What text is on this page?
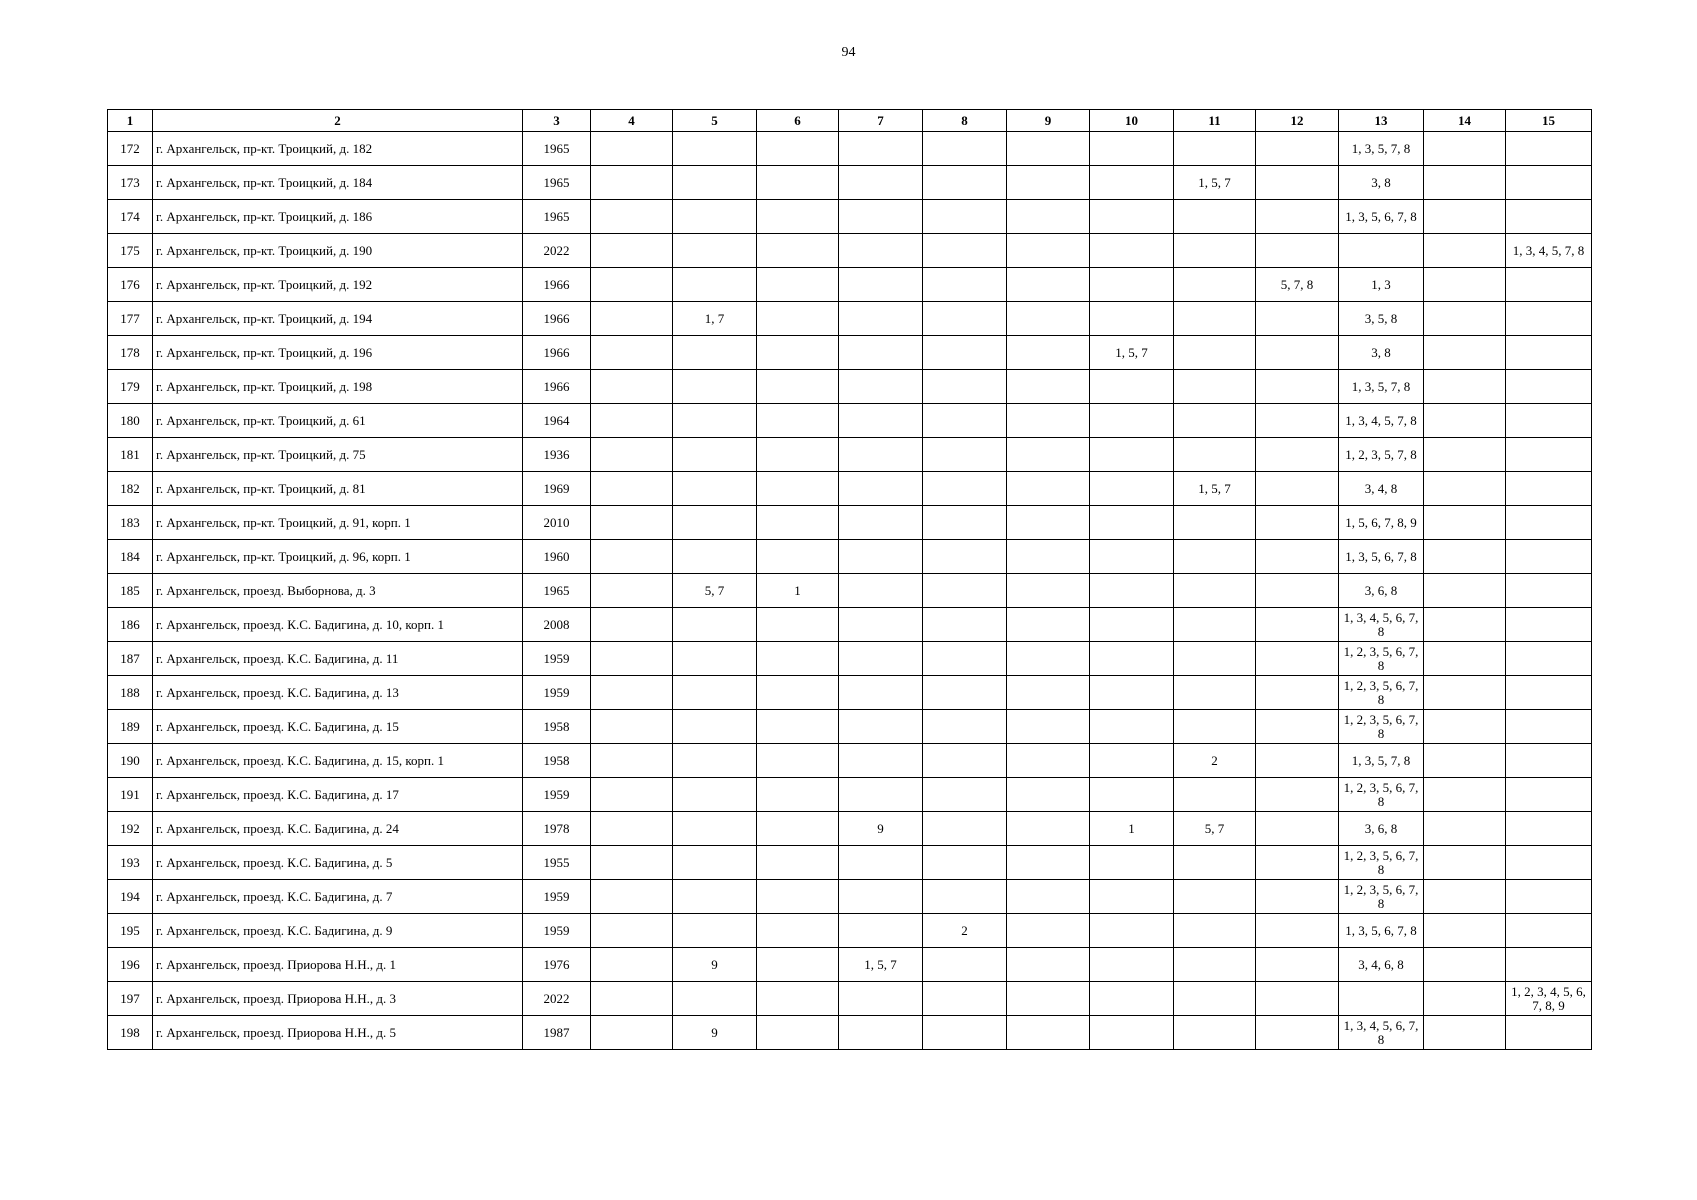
94
1	2	3	4	5	6	7	8	9	10	11	12	13	14	15
172	г. Архангельск, пр-кт. Троицкий, д. 182	1965										1, 3, 5, 7, 8		
173	г. Архангельск, пр-кт. Троицкий, д. 184	1965								1, 5, 7		3, 8		
174	г. Архангельск, пр-кт. Троицкий, д. 186	1965										1, 3, 5, 6, 7, 8		
175	г. Архангельск, пр-кт. Троицкий, д. 190	2022												1, 3, 4, 5, 7, 8
176	г. Архангельск, пр-кт. Троицкий, д. 192	1966									5, 7, 8	1, 3		
177	г. Архангельск, пр-кт. Троицкий, д. 194	1966		1, 7								3, 5, 8		
178	г. Архангельск, пр-кт. Троицкий, д. 196	1966							1, 5, 7			3, 8		
179	г. Архангельск, пр-кт. Троицкий, д. 198	1966										1, 3, 5, 7, 8		
180	г. Архангельск, пр-кт. Троицкий, д. 61	1964										1, 3, 4, 5, 7, 8		
181	г. Архангельск, пр-кт. Троицкий, д. 75	1936										1, 2, 3, 5, 7, 8		
182	г. Архангельск, пр-кт. Троицкий, д. 81	1969								1, 5, 7		3, 4, 8		
183	г. Архангельск, пр-кт. Троицкий, д. 91, корп. 1	2010										1, 5, 6, 7, 8, 9		
184	г. Архангельск, пр-кт. Троицкий, д. 96, корп. 1	1960										1, 3, 5, 6, 7, 8		
185	г. Архангельск, проезд. Выборнова, д. 3	1965		5, 7	1							3, 6, 8		
186	г. Архангельск, проезд. К.С. Бадигина, д. 10, корп. 1	2008										1, 3, 4, 5, 6, 7, 8		
187	г. Архангельск, проезд. К.С. Бадигина, д. 11	1959										1, 2, 3, 5, 6, 7, 8		
188	г. Архангельск, проезд. К.С. Бадигина, д. 13	1959										1, 2, 3, 5, 6, 7, 8		
189	г. Архангельск, проезд. К.С. Бадигина, д. 15	1958										1, 2, 3, 5, 6, 7, 8		
190	г. Архангельск, проезд. К.С. Бадигина, д. 15, корп. 1	1958								2		1, 3, 5, 7, 8		
191	г. Архангельск, проезд. К.С. Бадигина, д. 17	1959										1, 2, 3, 5, 6, 7, 8		
192	г. Архангельск, проезд. К.С. Бадигина, д. 24	1978				9			1	5, 7		3, 6, 8		
193	г. Архангельск, проезд. К.С. Бадигина, д. 5	1955										1, 2, 3, 5, 6, 7, 8		
194	г. Архангельск, проезд. К.С. Бадигина, д. 7	1959										1, 2, 3, 5, 6, 7, 8		
195	г. Архангельск, проезд. К.С. Бадигина, д. 9	1959					2					1, 3, 5, 6, 7, 8		
196	г. Архангельск, проезд. Приорова Н.Н., д. 1	1976		9		1, 5, 7						3, 4, 6, 8		
197	г. Архангельск, проезд. Приорова Н.Н., д. 3	2022												1, 2, 3, 4, 5, 6, 7, 8, 9
198	г. Архангельск, проезд. Приорова Н.Н., д. 5	1987		9								1, 3, 4, 5, 6, 7, 8		
